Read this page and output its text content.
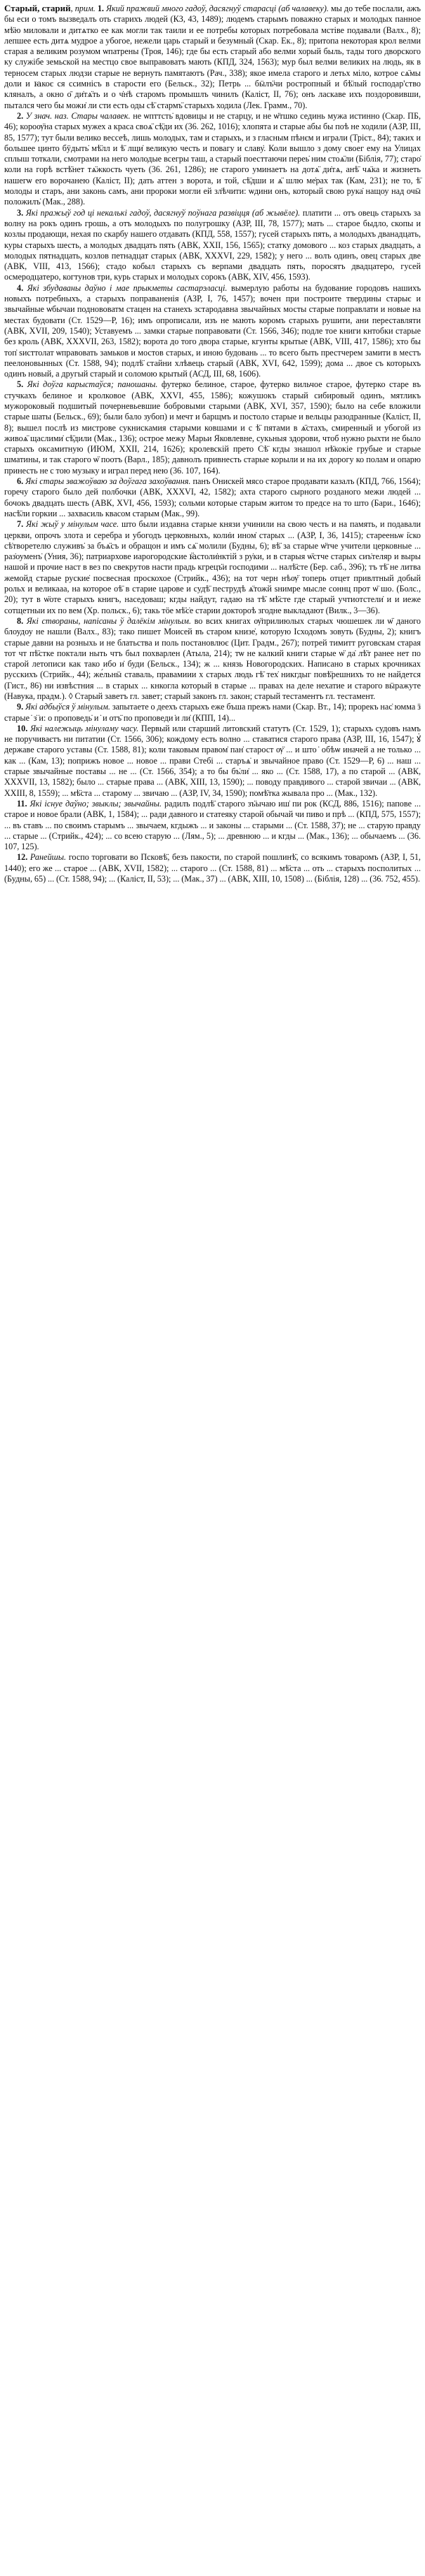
Старый, старий, прим. 1. Який пражвий много гадоў, дасягнуў старасці (аб чалавеку). мы до тебе послали, ажъ бы еси о томъ вызведалъ оть старихъ людей (КЗ, 43, 1489); людемъ старымъ поважно старых и молодых панное мѣ̈ю миловали и дитѧтко ее как могли так таили и ее потребы которых потребовала мстіве подавали (Валх., 8); лепшее есть дитѧ мудрое а убогое, нежели царь старый и безумный (Скар. Ек., 8); притопа некоторая крол велми старая а великим розумом ѡпатрены (Троя, 146); где бы есть старый або велми хорый быль, тады того дворского ку служібе земьской на местцо свое выправоватъ мають (КПД, 324, 1563); мур был велми великиx на людь, як в терносем старых людзи старые не вернуть памятаютъ (Рач., 338); якое имела старого и летьх міло, котрое сѧ̈мы доли и ꙗкоє ся ссимнісъ в старости его (Бельск., 32); Петрь ... бӹлъ̈чи ростропный и бѣ̈лый господар'ство кляналъ, а окно о̄ ди̇тѧ̈ть и о ч̇н̇ѣ старомъ промышлъ чинилъ (Калiст, II, 76); онъ ласкаве ихъ поздоровивши, пытался чего бы можи̇ ли сти есть оды сѣ̈ стармъ̈ старыхъ ходила (Лек. Грамм., 70).

2. У знач. наз. Стары чалавек. не ѡпттсть̇ вдовицы и не старцу, и не ѡ̈тшко сединь мужа истинно (Скар. ПБ, 46); короѹ̈на старых мужех а краса своѧ̈ сѣ̈ди их (36. 262, 1016); хлопята и старые абы бы поѣ не ходили (АЗР, III, 85, 1577); тут были велико вессеѣ, лишь молодых, там и старыхъ, и з гласным пѣнєм и играли (Тріст., 84); таких и большее цинто бӱдыть̇ мѣ̈лл и ѣ̈ лщи̇ великую честь и повагу и славу̇. Коли вышло з дому своег ему на Улицах сплыш тоткали, смотрами на него молодые всегры таш, а старый поесттаючи переь̇ ним стоѧ̈ли (Бiблiя, 77); старо̇ коли на горѣ встѣ̈нет тѧ̈жкость чуеть (36. 261, 1286); не старого уминаетъ на дотѧ̈ ди̇тѧ, анѣ̈ чѧ̈ка и жизнеть нашегѡ его ворочанею (Калiст, II); дать аттен з ворота, и той, сѣ̈дши и ѧ̈ шлю ме̇рах так (Кам, 231); не то, ѣ̈ молоды и старъ, ани законь самъ, ани пророки могли ей зл̇ѣчити: ѡдини онъ, который свою рука̇ нащоу над очӹ положилъ̇ (Мак., 288).

3. Які пражыў год ці некалькі гадоў, дасягнуў поўнага развіцця (аб жывёле). платити ... отъ овець старыхъ за волну на рокъ одинъ грошь, а отъ молодыхъ по полугрошку (АЗР, III, 78, 1577); мать ... старое быдло, скопы и козлы продающи, нехая по скарбу нашего отдавать (КПД, 558, 1557); гусей старыхъ пять, а молодыхъ дванадцать, куры старыхъ шесть, а молодых двадцать пять (АВК, XXII, 156, 1565); статку домового ... коз старых двадцать, а молодых пятнадцать, козлов петнадцат старых (АВК, XXXVI, 229, 1582); у него ... волъ одинъ, овец старых две (АВК, VIII, 413, 1566); стадо кобыл старыхъ съ верпами двадцать пять, поросятъ двадцатеро, гусей осмеродцатеро, когтунов три, курь старых и молодых сорокъ (АВК, XIV, 456, 1593).

4. Які збудаваны даўно і мае прыкметы састарэласці. вымерлую работы на будование городовъ нашихъ новыхъ потребныхъ, а старыхъ поправаненія (АЗР, I, 76, 1457); вочен при построите твердины старыє и звычайные ѡбычаи поднововатм стацен на станехъ зстародавна звычайных мосты старые поправлати и новые на местах будовати (Ст. 1529—Р, 16); имъ опрописали, изъ не мають коромъ старыхъ рушити, ани переставляти (АВК, XVII, 209, 1540); Уставуемъ ... замки старые поправовати (Ст. 1566, 346); подле тое книги кнтобки старые без кроль (АВК, XXXVII, 263, 1582); ворота до того двора старые, кгунты крытые (АВК, VIII, 417, 1586); хто бы топ̇ ѕисттолат ѡправовать замьков и мостов старых, и иною будовань ... то всего быть престчерем замити в местъ пеелоновынных (Ст. 1588, 94); подлѣ̈ стайни хлѣвець старый (АВК, XVI, 642, 1599); дома ... двое съ которыхъ одинъ новый, а другый старый и соломою крытый (АСД, III, 68, 1606).

5. Які доўга карыстаўся; паношаны. футерко белиное, старое, футерко вильчое старое, футерко старе въ стучкахъ белиное и кролковое (АВК, XXVI, 455, 1586); кожушокъ старый сибировый одинъ, мятликъ мужороковый подшитый почерневьевшие бобровыми старыми (АВК, XVI, 357, 1590); было на себе вложили старые шаты (Бельск., 69); были бало зубоп) и мечт и барщмъ и постоло старые и вельцы разодранные (Калiст, II, 8); вышел послѣ из мистрове сукнискамия старыми ковшами и с ѣ̈ пятами в ѧ̈стахъ, смиренный и убогой из живоѧ̈ щаслими̇ сѣ̈дили (Мак., 136); острое межу Марьи Яковлевне, сукьныя здорови, чтоб нужно рыхти не было старыхъ оксамитную (ИЮМ, XXII, 214, 1626); кролевскій прето Сѣ̈ кгды знашол нѣ̈кокіе грубые и старые шматины, и так старого ѡ̈ поотъ (Варл., 185); давнолъ привнесть старые корыли и на их дорогу ко полам и опарю принесть не с тою музыку и играл перед нею (36. 107, 164).

6. Які стары зважоўваю за доўгага захоўвання. панъ Онискей мясо старое продавати казалъ (КПД, 766, 1564); горечу старого было дей полбочки (АВК, XXXVI, 42, 1582); ахта старого сырного розданого межи людей ... бочокъ двадцать шесть (АВК, XVI, 456, 1593); сольми которые старым житом то предсе на то што (Бари., 1646); насѣ̈ли горкии ... захвасиль квасом старым (Мак., 99).

7. Які жыў у мінулым часе. што были издавна старые князи учинили на свою честь и на память, и подавали церкви, опрочъ злота и серебра и убогодъ церковныхъ, коли̇и ином̇ старых ... (АЗР, I, 36, 1415); старееньѡ і̇ско сѣ̇творетелю служивъ̇ за бъѧ̈съ и обращон и имъ сѧ̈ молили (Будны, 6); вѣ̈ за старые ѡ̈тче учители церковные ... раз̇оуменъ̇ (Уния, 36); патриархове иарогородские ꙗ̈столи̇нктій з ру̇ки, и в старыя ѡ̈стче старых сиъ̇теляр и выры нашой и прочие наст в вез по свекрутов насти прадь кгрецъ̈и господими ... налѣ̈сте (Бер. саб., 396); тъ тѣ̈ не литва жемойд старые руские̇ посвесная проскохое (Стрийк., 436); на тот черн нѣѹ̈ топерь отцет привлтный добый рольх и великааа, на которое оѣ̈ в старие царове и судѣ̈ пеструдѣ ѧ̈тожй ѕнимре мысле соннц прот ѡ̈ шо. (Болс., 20); тут в ѡ̈оте старыхъ книгъ, наседоваш; кгды найдут, гадаю на тѣ̈ мѣ̈сте где старый учтиотстели̇ и и иеже сотщетныи их по вем (Хр. польск., 6); такь тӧе мѣ̈с̇е старии доктороѣ згодне выкладают (Вилк., 3—36).

8. Які створаны, напісаны ў далёкім мінулым. во всих книгах ѹ̈прилиюлых старых чюшешек ли ѡ̈ даного блоудоу не нашли (Валх., 83); тако пишет Моисей въ старом книзе̇, которую Ісходомъ зовуть (Будны, 2); книгъ старые давни на розныхь и не блатьства и поль постановлює (Цит. Градм., 267); потрей тимитт руговскам старая тот чт пѣ̈стке поктали ныть чтъ был похварлен (Атыла, 214); тѡ не калкий книги старые ѡ̈ да̇ лѣ̈т ранее нет по старой летописи как тако ибо и̇ буди (Бельск., 134); ж ... князь Новогородских. Написано в старых крочниках русскихъ (Стрийк., 44); же́льнӹ ставаль, правамиии х старых людь гѣ̈ тех̇ никгдыг повѣ̈решнихъ то не найдется (Гист., 86) ни извѣстния ... в старых ... кнкогла который в старые ... правах на деле нехатие и старого вӹражуте (Навука, прадм.). ◊ Старый заветъ гл. завет; старый законъ гл. закон; старый тестаментъ гл. тестамент.

9. Які адбыўся ў мінулым. запытаете о деехъ старыхъ еже бъша прежъ нами (Скар. Вт., 14); прорекъ нас̇ юмма ӟ старые ̇ з̇ ̇и: о проповедь̇ и ̇ и отъ̈ по проповеди ̇и ли̇ (КПП, 14)...

10. Які належыць мінуламу часу. Первый или старший литовский статутъ (Ст. 1529, 1); старыхъ судовъ намъ не поручиваєтъ ни питатии (Ст. 1566, 306); кождому есть волно ... ставатися старого права (АЗР, III, 16, 1547); ꙋ̇ державе старого уставы (Ст. 1588, 81); коли таковым правом̇ пан̇ старост ѹ̈ ... и што ̇ обѣѡ иначей а не только ... как ... (Кам, 13); поприжъ новое ... новое ... прави Стебі ... старъѧ̇ и звычайное право (Ст. 1529—Р, 6) ... наш ... старые звычайные поставы ... не ... (Ст. 1566, 354); а то бы бъ̇ли̇ ... яко ... (Ст. 1588, 17), а по старой ... (АВК, XXXVII, 13, 1582); было ... старые права ... (АВК, XIII, 13, 1590); ... поводу правдивого ... старой звичаи ... (АВК, XXIII, 8, 1559); ... мѣ̈ста ... старому ... звичаю ... (АЗР, IV, 34, 1590); помѣ̈тка жывала про ... (Мак., 132).

11. Які існуе даўно; звыклы; звычайны. радилъ подлѣ̈ старого зъ̈ычаю иш̇ пи рок (КСД, 886, 1516); папове ... старое и новое брали (АВК, 1, 1584); ... ради давного и статеяку старой обычай чи пиво и прѣ ... (КПД, 575, 1557); ... въ ставъ ... по своимъ старымъ ... звычаем, кгдыжъ ... и законы ... старыми ... (Ст. 1588, 37); не ... старую правду ... старые ... (Стрийк., 424); ... со всею старую ... (Лям., 5); ... древнюю ... и кгды ... (Мак., 136); ... обычаемъ ... (36. 107, 125).

12. Ранейшы. госпо торговати во Псковѣ̈, безъ пакости, по старой пошлинѣ̈, со всякимъ товаромъ (АЗР, I, 51, 1440); его же ... старое ... (АВК, XVII, 1582); ... старого ... (Ст. 1588, 81) ... мѣ̈ста ... оть ... старыхъ посполитых ... (Будны, 65) ... (Ст. 1588, 94); ... (Калiст, II, 53); ... (Мак., 37) ... (АВК, XIII, 10, 1508) ... (Бiблiя, 128) ... (36. 752, 455).
